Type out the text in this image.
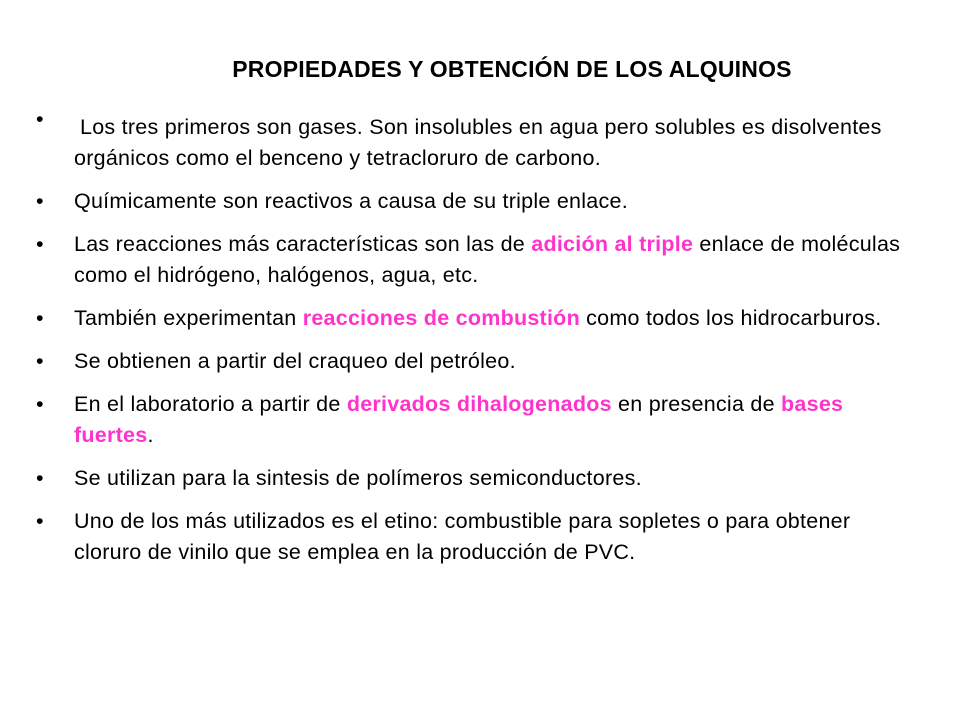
PROPIEDADES Y OBTENCIÓN DE LOS ALQUINOS
•	Los tres primeros son gases. Son insolubles en agua pero solubles es disolventes orgánicos como el benceno y tetracloruro de carbono.
•	Químicamente son reactivos a causa de su triple enlace.
•	Las reacciones más características son las de adición al triple enlace de moléculas como el hidrógeno, halógenos, agua, etc.
•	También experimentan reacciones de combustión como todos los hidrocarburos.
•	Se obtienen a partir del craqueo del petróleo.
•	En el laboratorio a partir de derivados dihalogenados en presencia de bases fuertes.
•	Se utilizan para la sintesis de polímeros semiconductores.
•	Uno de los más utilizados es el etino: combustible para sopletes o para obtener cloruro de vinilo que se emplea en la producción de PVC.
